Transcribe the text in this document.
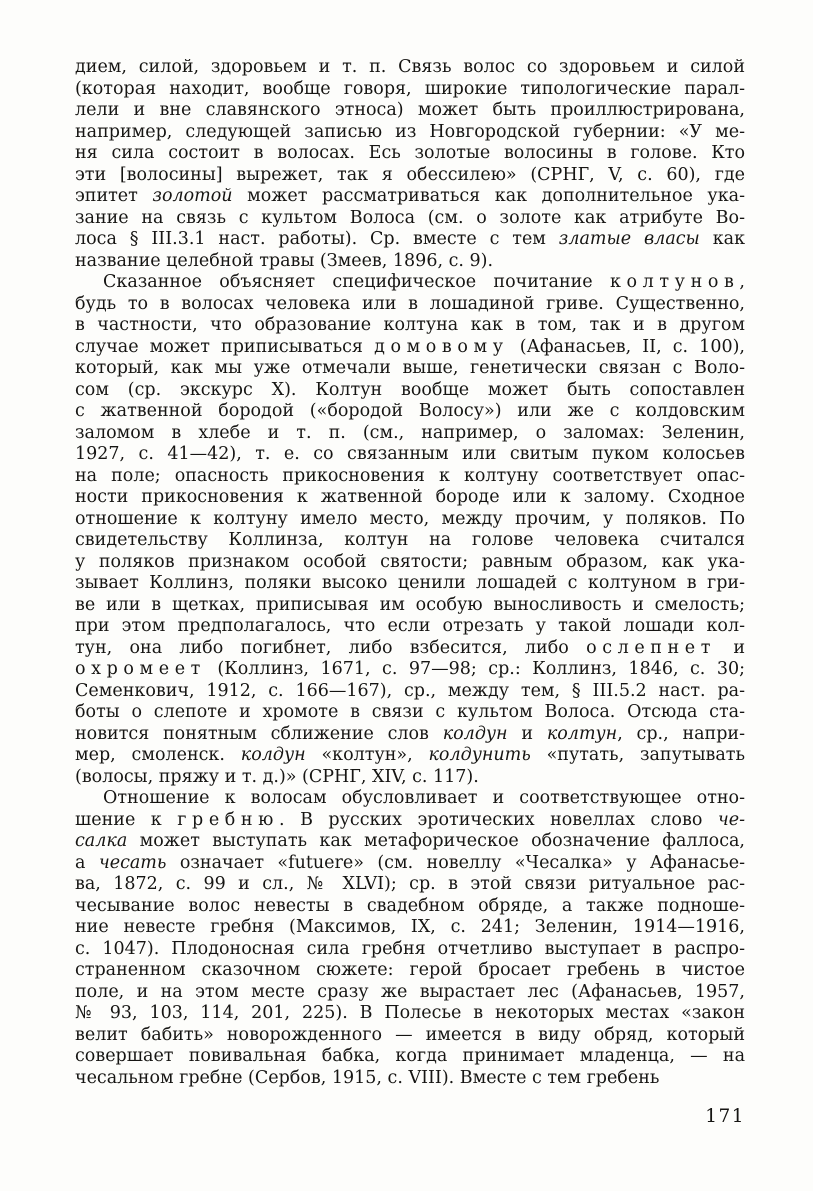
дием, силой, здоровьем и т. п. Связь волос со здоровьем и силой
(которая находит, вообще говоря, широкие типологические парал-
лели и вне славянского этноса) может быть проиллюстрирована,
например, следующей записью из Новгородской губернии: «У ме-
ня сила состоит в волосах. Есь золотые волосины в голове. Кто
эти [волосины] вырежет, так я обессилею» (СРНГ, V, с. 60), где
эпитет золотой может рассматриваться как дополнительное ука-
зание на связь с культом Волоса (см. о золоте как атрибуте Во-
лоса § III.3.1 наст. работы). Ср. вместе с тем златые власы как
название целебной травы (Змеев, 1896, с. 9).
Сказанное объясняет специфическое почитание колтунов,
будь то в волосах человека или в лошадиной гриве. Существенно,
в частности, что образование колтуна как в том, так и в другом
случае может приписываться домовому (Афанасьев, II, с. 100),
который, как мы уже отмечали выше, генетически связан с Воло-
сом (ср. экскурс X). Колтун вообще может быть сопоставлен
с жатвенной бородой («бородой Волосу») или же с колдовским
заломом в хлебе и т. п. (см., например, о заломах: Зеленин,
1927, с. 41—42), т. е. со связанным или свитым пуком колосьев
на поле; опасность прикосновения к колтуну соответствует опас-
ности прикосновения к жатвенной бороде или к залому. Сходное
отношение к колтуну имело место, между прочим, у поляков. По
свидетельству Коллинза, колтун на голове человека считался
у поляков признаком особой святости; равным образом, как ука-
зывает Коллинз, поляки высоко ценили лошадей с колтуном в гри-
ве или в щетках, приписывая им особую выносливость и смелость;
при этом предполагалось, что если отрезать у такой лошади кол-
тун, она либо погибнет, либо взбесится, либо ослепнет и
охромеет (Коллинз, 1671, с. 97—98; ср.: Коллинз, 1846, с. 30;
Семенкович, 1912, с. 166—167), ср., между тем, § III.5.2 наст. ра-
боты о слепоте и хромоте в связи с культом Волоса. Отсюда ста-
новится понятным сближение слов колдун и колтун, ср., напри-
мер, смоленск. колдун «колтун», колдунить «путать, запутывать
(волосы, пряжу и т. д.)» (СРНГ, XIV, с. 117).
Отношение к волосам обусловливает и соответствующее отно-
шение к гребню. В русских эротических новеллах слово че-
салка может выступать как метафорическое обозначение фаллоса,
а чесать означает «futuere» (см. новеллу «Чесалка» у Афанасье-
ва, 1872, с. 99 и сл., № XLVI); ср. в этой связи ритуальное рас-
чесывание волос невесты в свадебном обряде, а также подноше-
ние невесте гребня (Максимов, IX, с. 241; Зеленин, 1914—1916,
с. 1047). Плодоносная сила гребня отчетливо выступает в распро-
страненном сказочном сюжете: герой бросает гребень в чистое
поле, и на этом месте сразу же вырастает лес (Афанасьев, 1957,
№ 93, 103, 114, 201, 225). В Полесье в некоторых местах «закон
велит бабить» новорожденного — имеется в виду обряд, который
совершает повивальная бабка, когда принимает младенца, — на
чесальном гребне (Сербов, 1915, с. VIII). Вместе с тем гребень
171
